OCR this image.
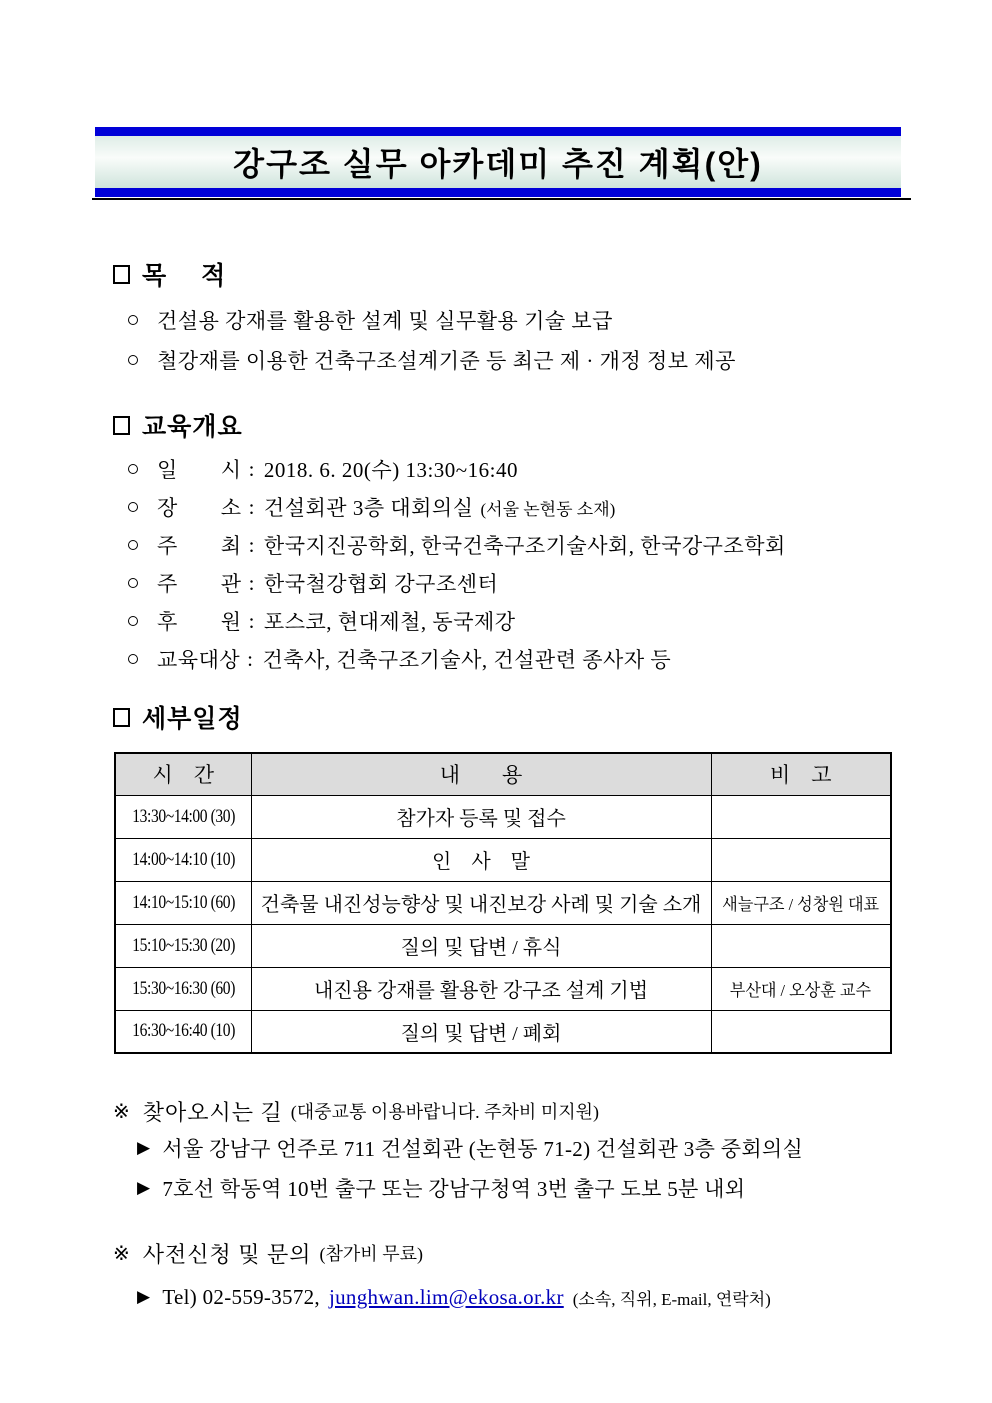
강구조 실무 아카데미 추진 계획(안)
목　 적
건설용 강재를 활용한 설계 및 실무활용 기술 보급
철강재를 이용한 건축구조설계기준 등 최근 제 · 개정 정보 제공
교육개요
일　　시 : 2018. 6. 20(수) 13:30~16:40
장　　소 : 건설회관 3층 대회의실 (서울 논현동 소재)
주　　최 : 한국지진공학회, 한국건축구조기술사회, 한국강구조학회
주　　관 : 한국철강협회 강구조센터
후　　원 : 포스코, 현대제철, 동국제강
교육대상 : 건축사, 건축구조기술사, 건설관련 종사자 등
세부일정
시　간	내　　용	비　고
13:30~14:00 (30)	참가자 등록 및 접수	
14:00~14:10 (10)	인　사　말	
14:10~15:10 (60)	건축물 내진성능향상 및 내진보강 사례 및 기술 소개	새늘구조 / 성창원 대표
15:10~15:30 (20)	질의 및 답변 / 휴식	
15:30~16:30 (60)	내진용 강재를 활용한 강구조 설계 기법	부산대 / 오상훈 교수
16:30~16:40 (10)	질의 및 답변 / 폐회	
※ 찾아오시는 길 (대중교통 이용바랍니다. 주차비 미지원)
▶ 서울 강남구 언주로 711 건설회관 (논현동 71-2) 건설회관 3층 중회의실
▶ 7호선 학동역 10번 출구 또는 강남구청역 3번 출구 도보 5분 내외
※ 사전신청 및 문의 (참가비 무료)
▶ Tel) 02-559-3572, junghwan.lim@ekosa.or.kr (소속, 직위, E-mail, 연락처)
